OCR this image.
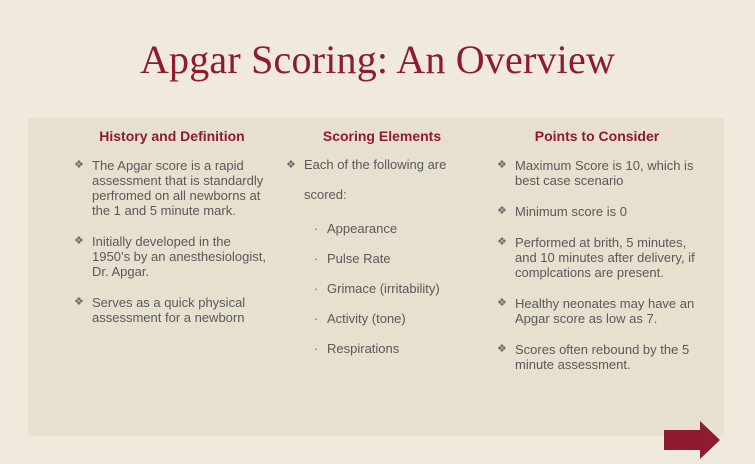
Apgar Scoring: An Overview
History and Definition
❖ The Apgar score is a rapid assessment that is standardly perfromed on all newborns at the 1 and 5 minute mark.
❖ Initially developed in the 1950’s by an anesthesiologist, Dr. Apgar.
❖ Serves as a quick physical assessment for a newborn
Scoring Elements
❖ Each of the following are scored:
· Appearance
· Pulse Rate
· Grimace (irritability)
· Activity (tone)
· Respirations
Points to Consider
❖ Maximum Score is 10, which is best case scenario
❖ Minimum score is 0
❖ Performed at brith, 5 minutes, and 10 minutes after delivery, if complcations are present.
❖ Healthy neonates may have an Apgar score as low as 7.
❖ Scores often rebound by the 5 minute assessment.
